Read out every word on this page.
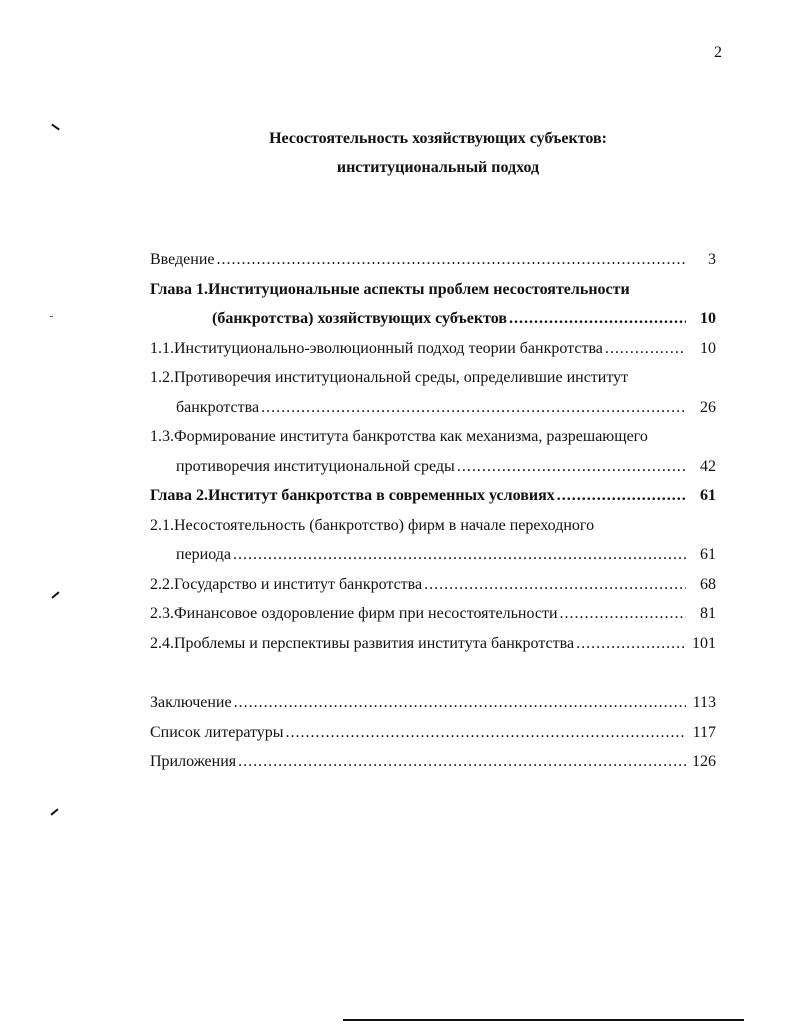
2
Несостоятельность хозяйствующих субъектов:
институциональный подход
Введение .....	3
Глава 1.Институциональные аспекты проблем несостоятельности
(банкротства) хозяйствующих субъектов .....	10
1.1.Институционально-эволюционный подход теории банкротства .....	10
1.2.Противоречия институциональной среды, определившие институт
банкротства .....	26
1.3.Формирование института банкротства как механизма, разрешающего
противоречия институциональной среды .....	42
Глава 2.Институт банкротства в современных условиях .....	61
2.1.Несостоятельность (банкротство) фирм в начале переходного
периода .....	61
2.2.Государство и институт банкротства .....	68
2.3.Финансовое оздоровление фирм при несостоятельности .....	81
2.4.Проблемы и перспективы развития института банкротства .....	101
Заключение .....	113
Список литературы .....	117
Приложения .....	126
